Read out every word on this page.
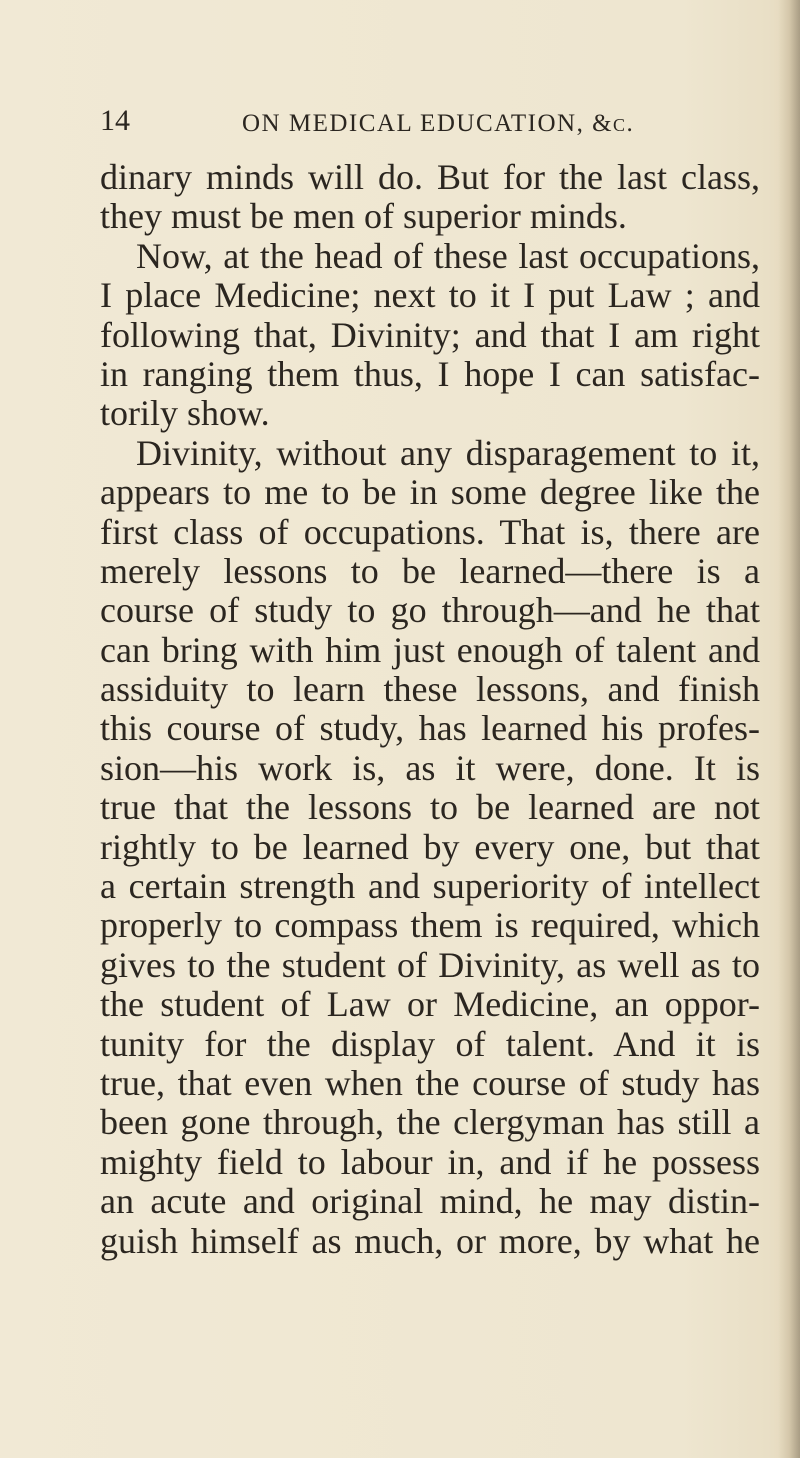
14	ON MEDICAL EDUCATION, &c.
dinary minds will do. But for the last class,
they must be men of superior minds.
Now, at the head of these last occupations,
I place Medicine; next to it I put Law ; and
following that, Divinity; and that I am right
in ranging them thus, I hope I can satisfac-
torily show.
Divinity, without any disparagement to it,
appears to me to be in some degree like the
first class of occupations. That is, there are
merely lessons to be learned—there is a
course of study to go through—and he that
can bring with him just enough of talent and
assiduity to learn these lessons, and finish
this course of study, has learned his profes-
sion—his work is, as it were, done. It is
true that the lessons to be learned are not
rightly to be learned by every one, but that
a certain strength and superiority of intellect
properly to compass them is required, which
gives to the student of Divinity, as well as to
the student of Law or Medicine, an oppor-
tunity for the display of talent. And it is
true, that even when the course of study has
been gone through, the clergyman has still a
mighty field to labour in, and if he possess
an acute and original mind, he may distin-
guish himself as much, or more, by what he
